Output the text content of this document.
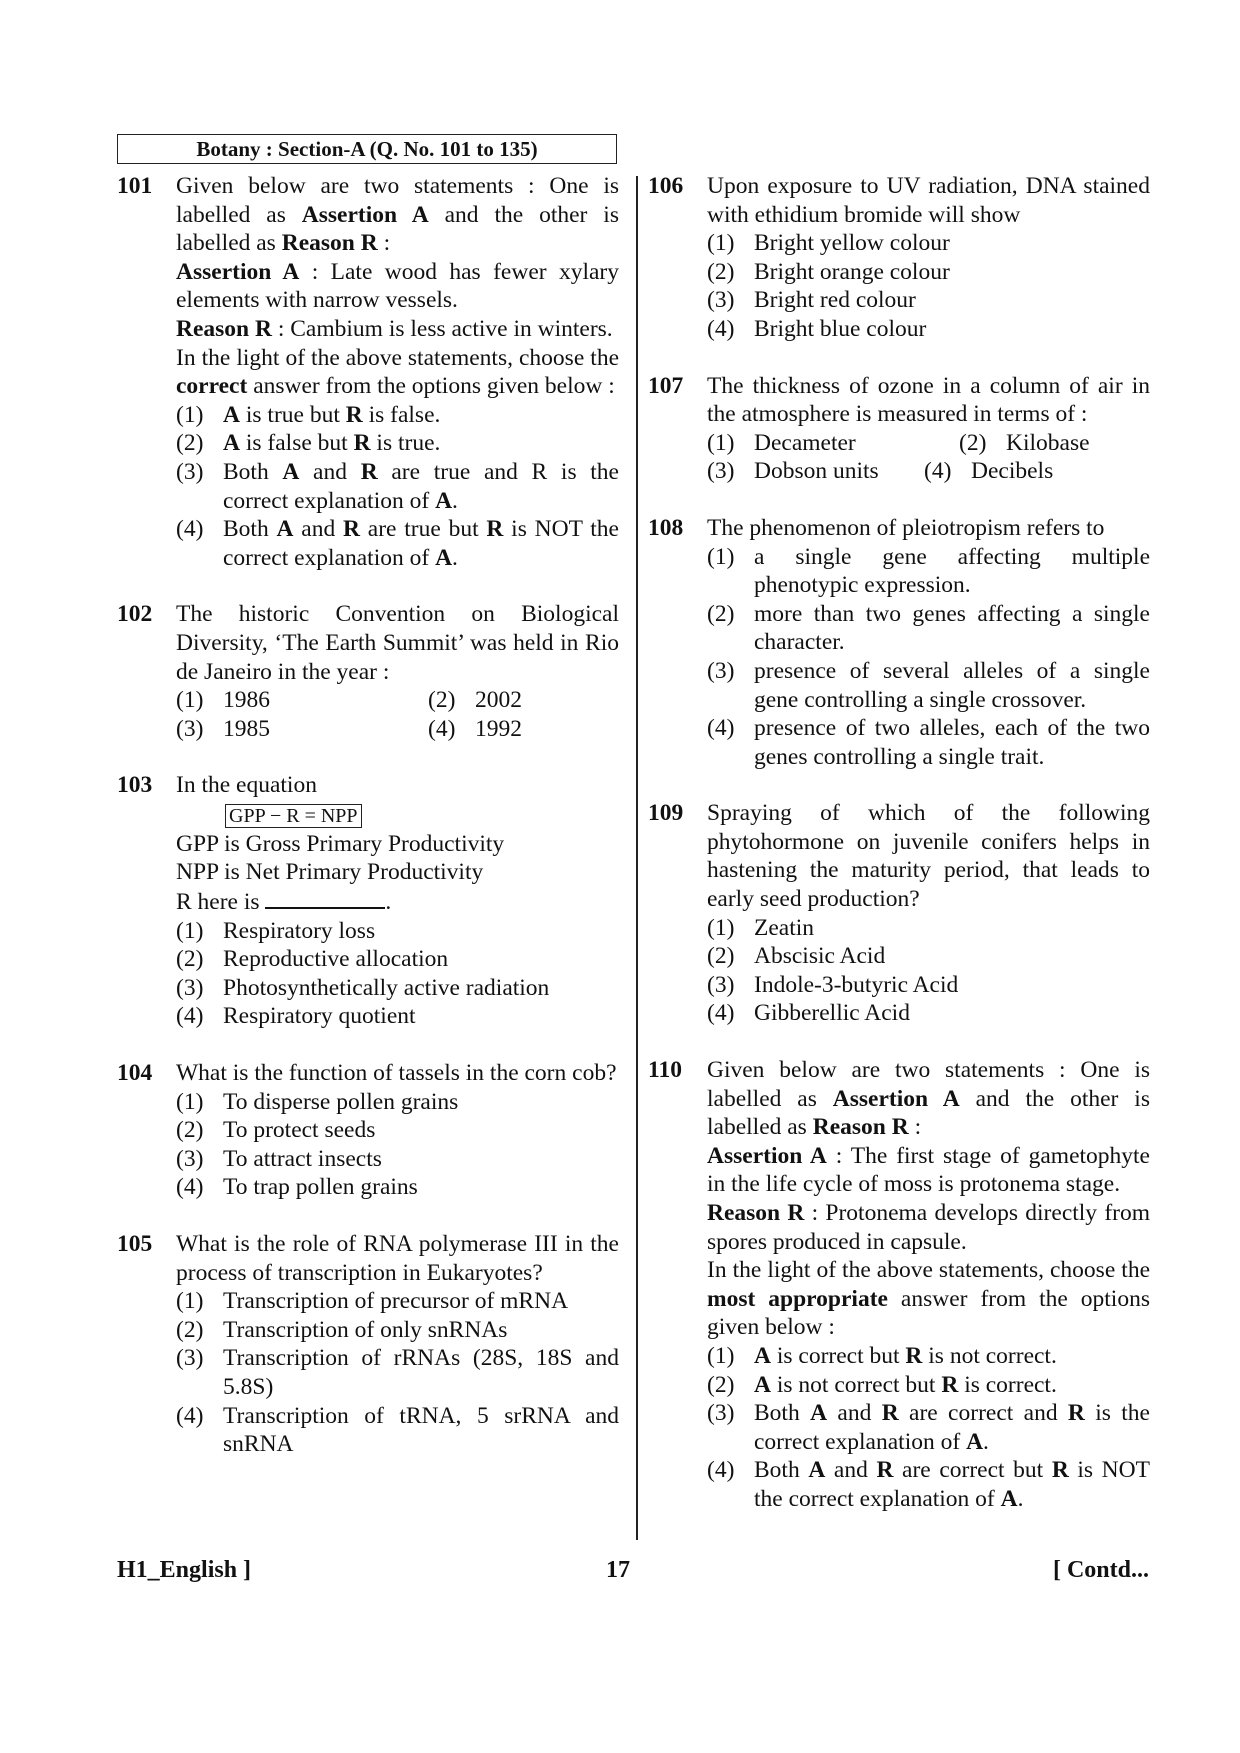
Botany : Section-A (Q. No. 101 to 135)
101 Given below are two statements : One is labelled as Assertion A and the other is labelled as Reason R :
Assertion A : Late wood has fewer xylary elements with narrow vessels.
Reason R : Cambium is less active in winters.
In the light of the above statements, choose the correct answer from the options given below :
(1) A is true but R is false.
(2) A is false but R is true.
(3) Both A and R are true and R is the correct explanation of A.
(4) Both A and R are true but R is NOT the correct explanation of A.
102 The historic Convention on Biological Diversity, ‘The Earth Summit’ was held in Rio de Janeiro in the year :
(1) 1986	(2) 2002
(3) 1985	(4) 1992
103 In the equation
GPP − R = NPP
GPP is Gross Primary Productivity
NPP is Net Primary Productivity
R here is	.
(1) Respiratory loss
(2) Reproductive allocation
(3) Photosynthetically active radiation
(4) Respiratory quotient
104 What is the function of tassels in the corn cob?
(1) To disperse pollen grains
(2) To protect seeds
(3) To attract insects
(4) To trap pollen grains
105 What is the role of RNA polymerase III in the process of transcription in Eukaryotes?
(1) Transcription of precursor of mRNA
(2) Transcription of only snRNAs
(3) Transcription of rRNAs (28S, 18S and 5.8S)
(4) Transcription of tRNA, 5 srRNA and snRNA
106 Upon exposure to UV radiation, DNA stained with ethidium bromide will show
(1) Bright yellow colour
(2) Bright orange colour
(3) Bright red colour
(4) Bright blue colour
107 The thickness of ozone in a column of air in the atmosphere is measured in terms of :
(1) Decameter	(2) Kilobase
(3) Dobson units	(4) Decibels
108 The phenomenon of pleiotropism refers to
(1) a single gene affecting multiple phenotypic expression.
(2) more than two genes affecting a single character.
(3) presence of several alleles of a single gene controlling a single crossover.
(4) presence of two alleles, each of the two genes controlling a single trait.
109 Spraying of which of the following phytohormone on juvenile conifers helps in hastening the maturity period, that leads to early seed production?
(1) Zeatin
(2) Abscisic Acid
(3) Indole-3-butyric Acid
(4) Gibberellic Acid
110 Given below are two statements : One is labelled as Assertion A and the other is labelled as Reason R :
Assertion A : The first stage of gametophyte in the life cycle of moss is protonema stage.
Reason R : Protonema develops directly from spores produced in capsule.
In the light of the above statements, choose the most appropriate answer from the options given below :
(1) A is correct but R is not correct.
(2) A is not correct but R is correct.
(3) Both A and R are correct and R is the correct explanation of A.
(4) Both A and R are correct but R is NOT the correct explanation of A.
H1_English ]	17	[ Contd...
